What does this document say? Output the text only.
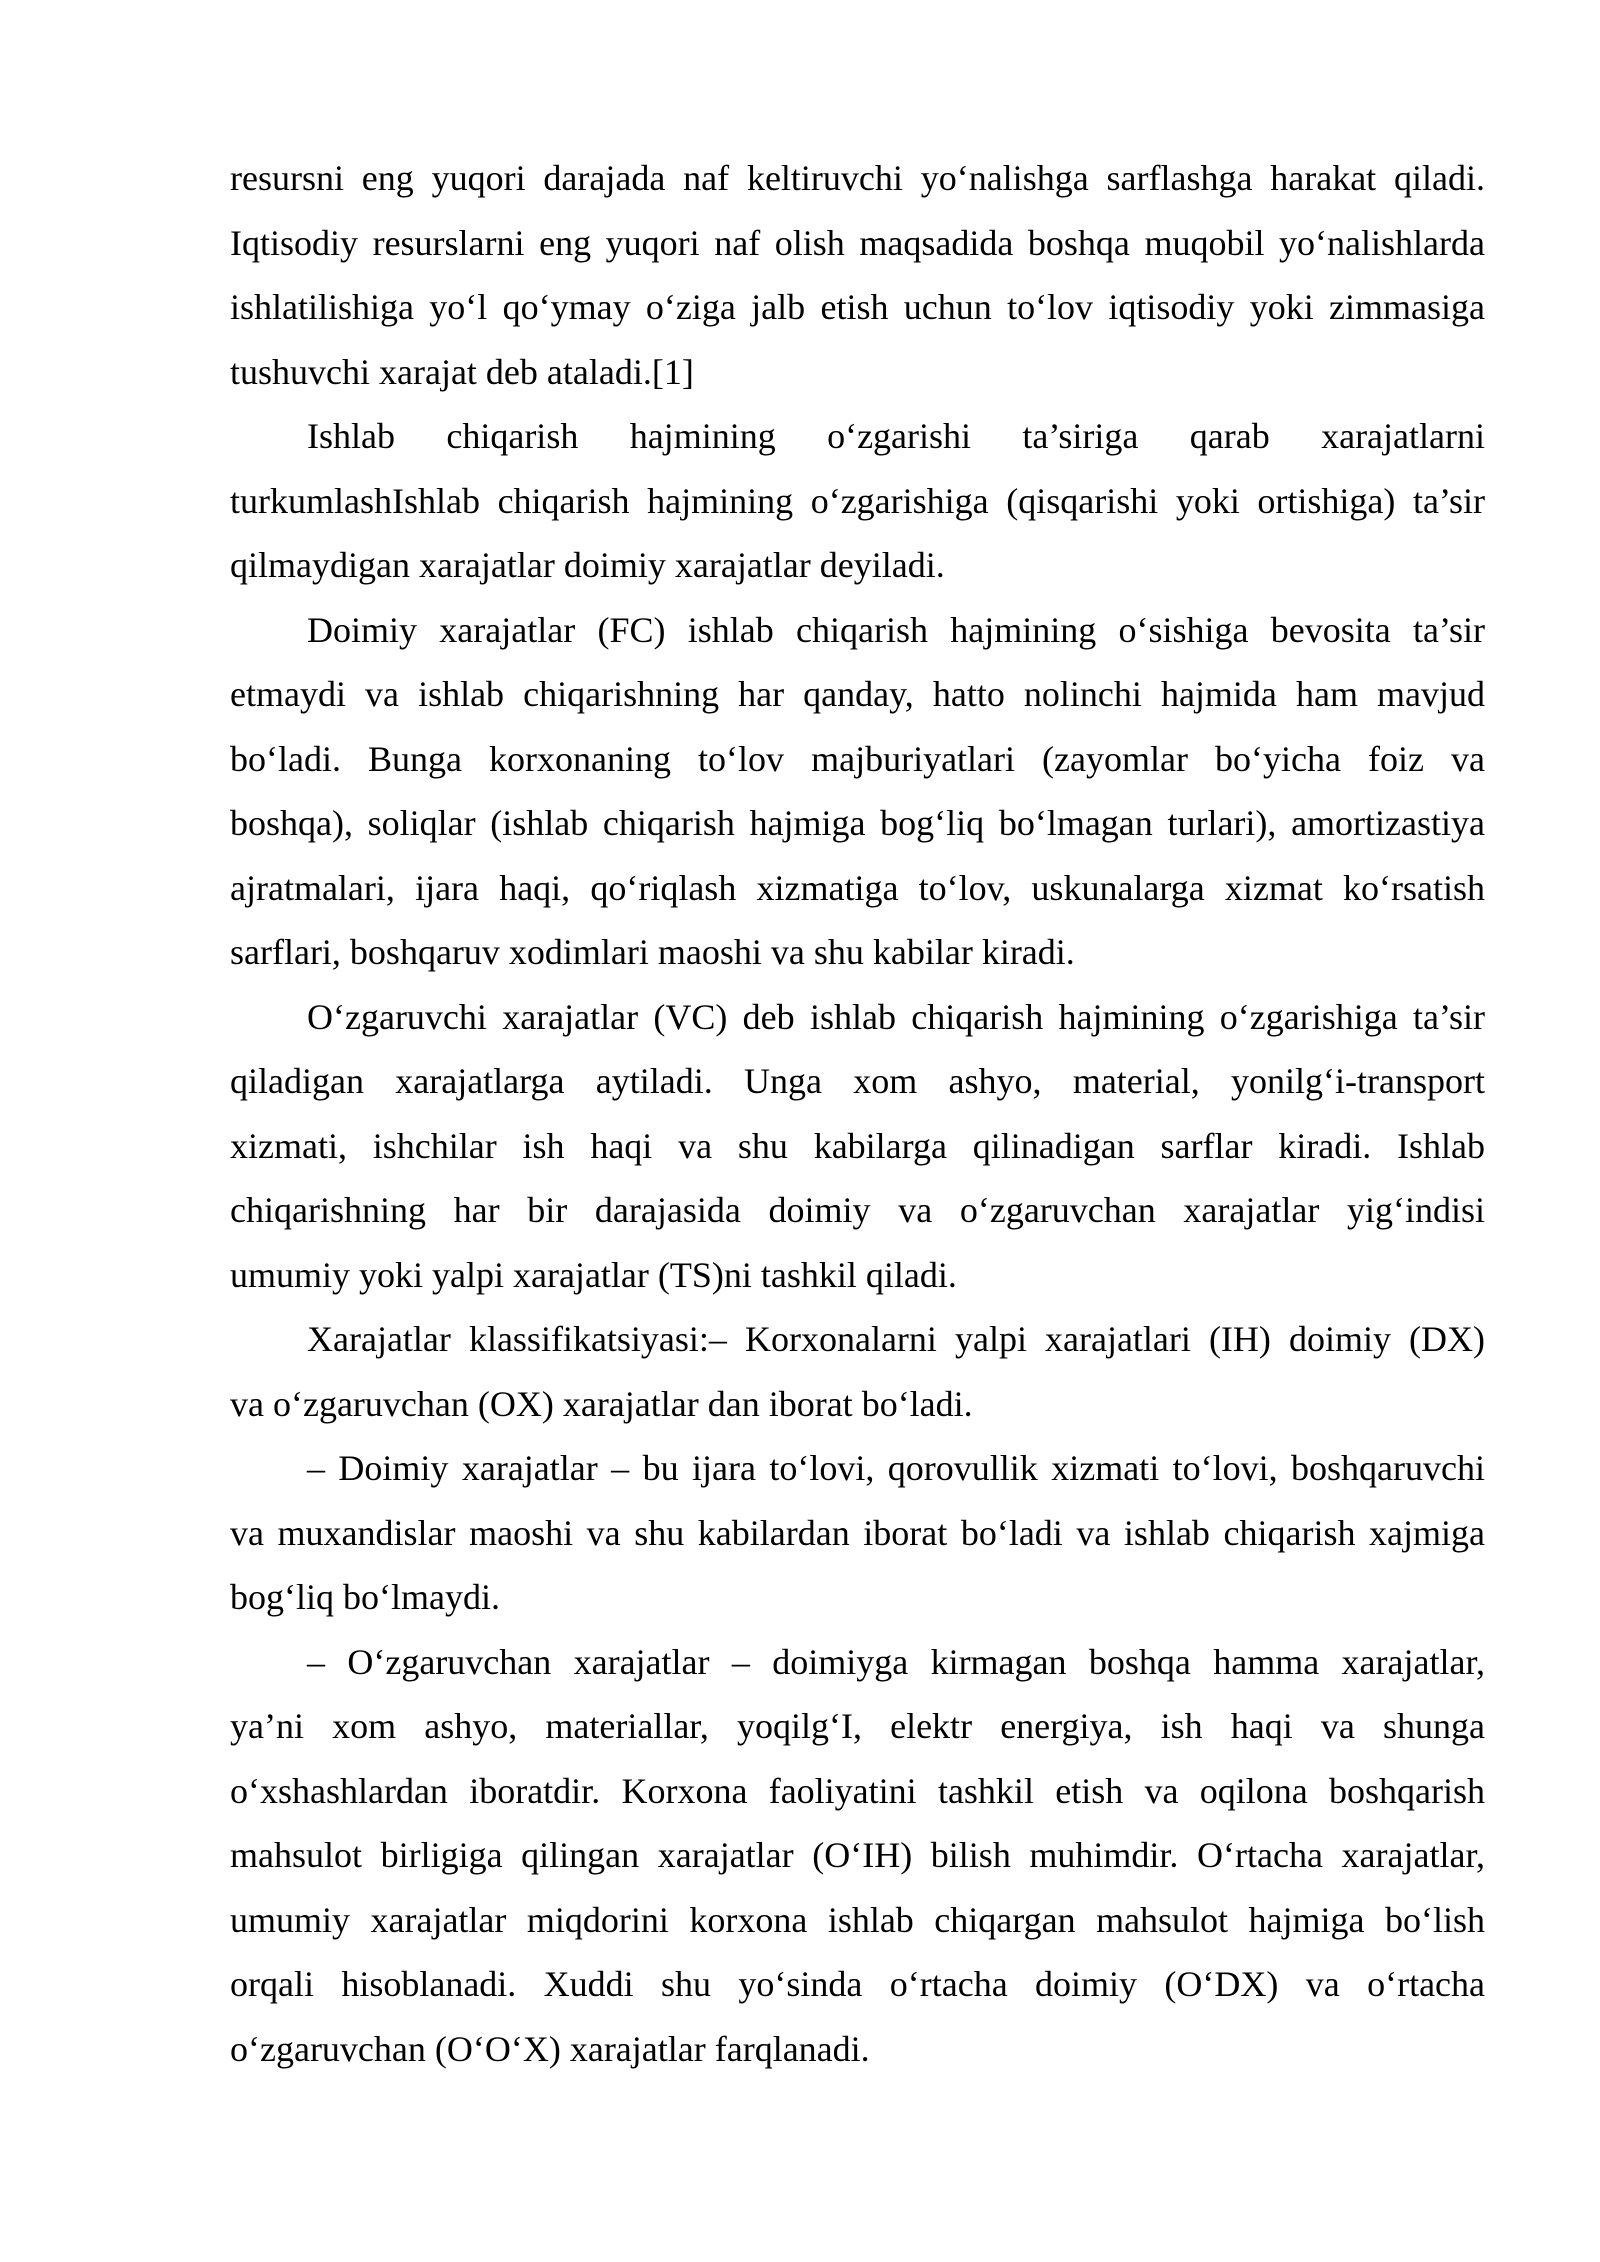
resursni eng yuqori darajada naf keltiruvchi yo‘nalishga sarflashga harakat qiladi.
Iqtisodiy resurslarni eng yuqori naf olish maqsadida boshqa muqobil yo‘nalishlarda
ishlatilishiga yo‘l qo‘ymay o‘ziga jalb etish uchun to‘lov iqtisodiy yoki zimmasiga
tushuvchi xarajat deb ataladi.[1]
Ishlab chiqarish hajmining o‘zgarishi ta’siriga qarab xarajatlarni
turkumlashIshlab chiqarish hajmining o‘zgarishiga (qisqarishi yoki ortishiga) ta’sir
qilmaydigan xarajatlar doimiy xarajatlar deyiladi.
Doimiy xarajatlar (FC) ishlab chiqarish hajmining o‘sishiga bevosita ta’sir
etmaydi va ishlab chiqarishning har qanday, hatto nolinchi hajmida ham mavjud
bo‘ladi. Bunga korxonaning to‘lov majburiyatlari (zayomlar bo‘yicha foiz va
boshqa), soliqlar (ishlab chiqarish hajmiga bog‘liq bo‘lmagan turlari), amortizastiya
ajratmalari, ijara haqi, qo‘riqlash xizmatiga to‘lov, uskunalarga xizmat ko‘rsatish
sarflari, boshqaruv xodimlari maoshi va shu kabilar kiradi.
O‘zgaruvchi xarajatlar (VC) deb ishlab chiqarish hajmining o‘zgarishiga ta’sir
qiladigan xarajatlarga aytiladi. Unga xom ashyo, material, yonilg‘i-transport
xizmati, ishchilar ish haqi va shu kabilarga qilinadigan sarflar kiradi. Ishlab
chiqarishning har bir darajasida doimiy va o‘zgaruvchan xarajatlar yig‘indisi
umumiy yoki yalpi xarajatlar (TS)ni tashkil qiladi.
Xarajatlar klassifikatsiyasi:– Korxonalarni yalpi xarajatlari (IH) doimiy (DX)
va o‘zgaruvchan (OX) xarajatlar dan iborat bo‘ladi.
– Doimiy xarajatlar – bu ijara to‘lovi, qorovullik xizmati to‘lovi, boshqaruvchi
va muxandislar maoshi va shu kabilardan iborat bo‘ladi va ishlab chiqarish xajmiga
bog‘liq bo‘lmaydi.
– O‘zgaruvchan xarajatlar – doimiyga kirmagan boshqa hamma xarajatlar,
ya’ni xom ashyo, materiallar, yoqilg‘I, elektr energiya, ish haqi va shunga
o‘xshashlardan iboratdir. Korxona faoliyatini tashkil etish va oqilona boshqarish
mahsulot birligiga qilingan xarajatlar (O‘IH) bilish muhimdir. O‘rtacha xarajatlar,
umumiy xarajatlar miqdorini korxona ishlab chiqargan mahsulot hajmiga bo‘lish
orqali hisoblanadi. Xuddi shu yo‘sinda o‘rtacha doimiy (O‘DX) va o‘rtacha
o‘zgaruvchan (O‘O‘X) xarajatlar farqlanadi.
